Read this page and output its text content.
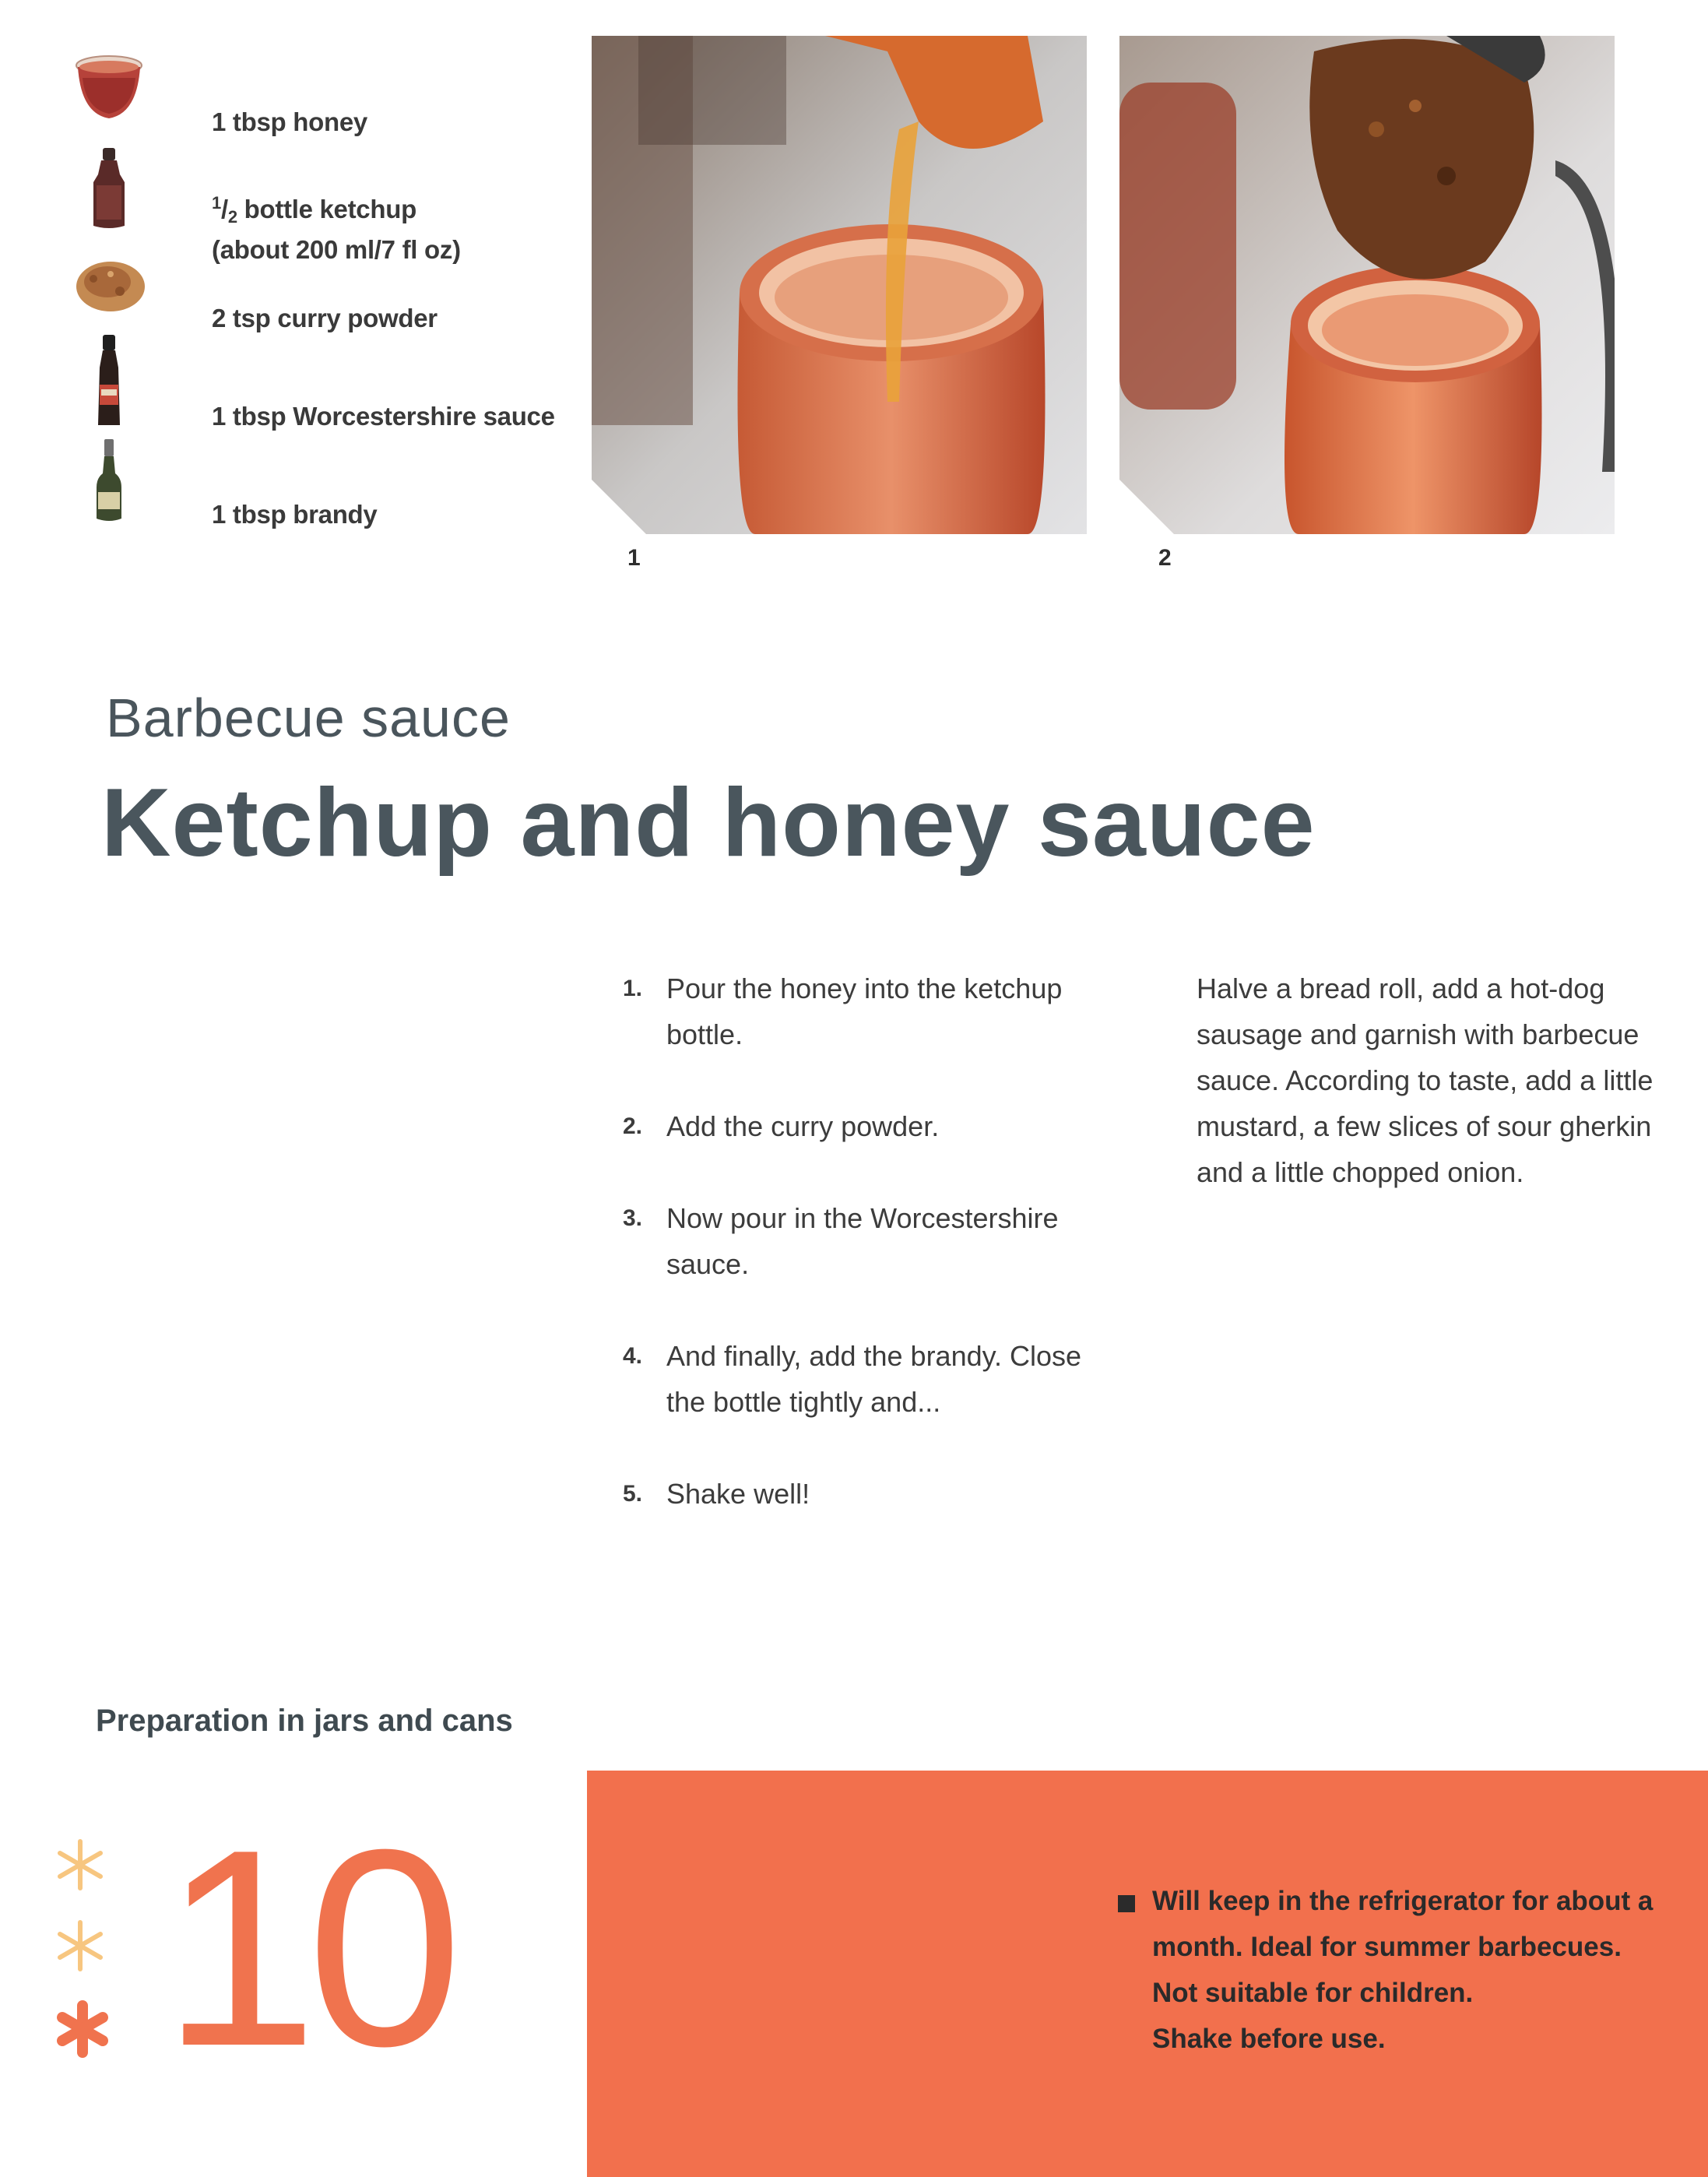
1 tbsp honey
$^1/_2$ bottle ketchup
(about 200 ml/7 fl oz)
2 tsp curry powder
1 tbsp Worcestershire sauce
1 tbsp brandy
1	2
Barbecue sauce
Ketchup and honey sauce
1. Pour the honey into the ketchup bottle.
2. Add the curry powder.
3. Now pour in the Worcestershire sauce.
4. And finally, add the brandy. Close the bottle tightly and...
5. Shake well!
Halve a bread roll, add a hot-dog sausage and garnish with barbecue sauce. According to taste, add a little mustard, a few slices of sour gherkin and a little chopped onion.
Preparation in jars and cans
10	Will keep in the refrigerator for about a month. Ideal for summer barbecues.
Not suitable for children.
Shake before use.
